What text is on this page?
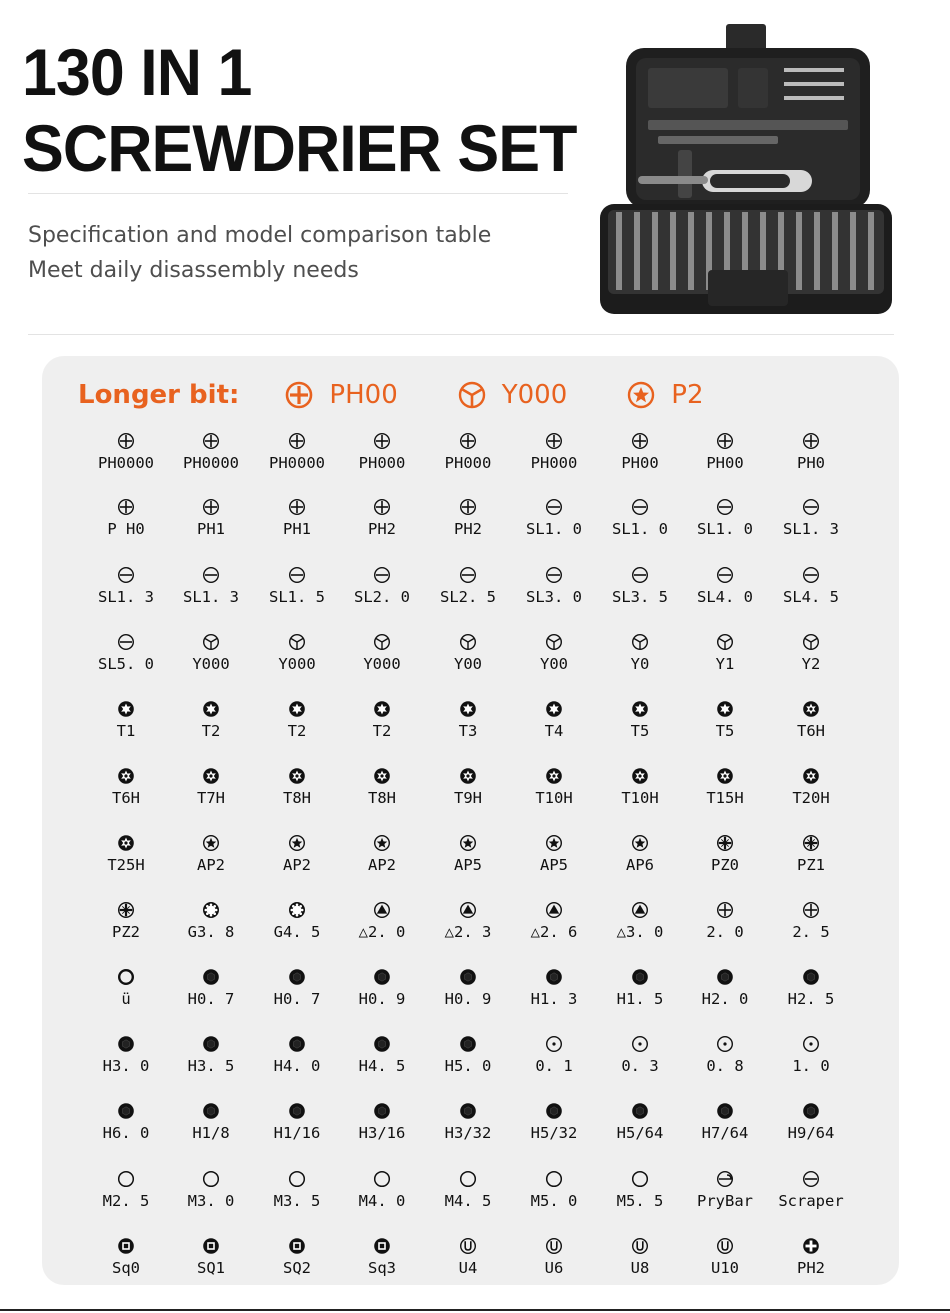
130 IN 1
SCREWDRIER SET
Specification and model comparison table
Meet daily disassembly needs
Longer bit:	PH00	Y000	P2
PH0000	PH0000	PH0000	PH000	PH000	PH000	PH00	PH00	PH0
P H0	PH1	PH1	PH2	PH2	SL1. 0	SL1. 0	SL1. 0	SL1. 3
SL1. 3	SL1. 3	SL1. 5	SL2. 0	SL2. 5	SL3. 0	SL3. 5	SL4. 0	SL4. 5
SL5. 0	Y000	Y000	Y000	Y00	Y00	Y0	Y1	Y2
T1	T2	T2	T2	T3	T4	T5	T5	T6H
T6H	T7H	T8H	T8H	T9H	T10H	T10H	T15H	T20H
T25H	AP2	AP2	AP2	AP5	AP5	AP6	PZ0	PZ1
PZ2	G3. 8	G4. 5	△2. 0	△2. 3	△2. 6	△3. 0	2. 0	2. 5
ü	H0. 7	H0. 7	H0. 9	H0. 9	H1. 3	H1. 5	H2. 0	H2. 5
H3. 0	H3. 5	H4. 0	H4. 5	H5. 0	0. 1	0. 3	0. 8	1. 0
H6. 0	H1/8	H1/16	H3/16	H3/32	H5/32	H5/64	H7/64	H9/64
M2. 5	M3. 0	M3. 5	M4. 0	M4. 5	M5. 0	M5. 5	PryBar	Scraper
Sq0	SQ1	SQ2	Sq3	U4	U6	U8	U10	PH2
